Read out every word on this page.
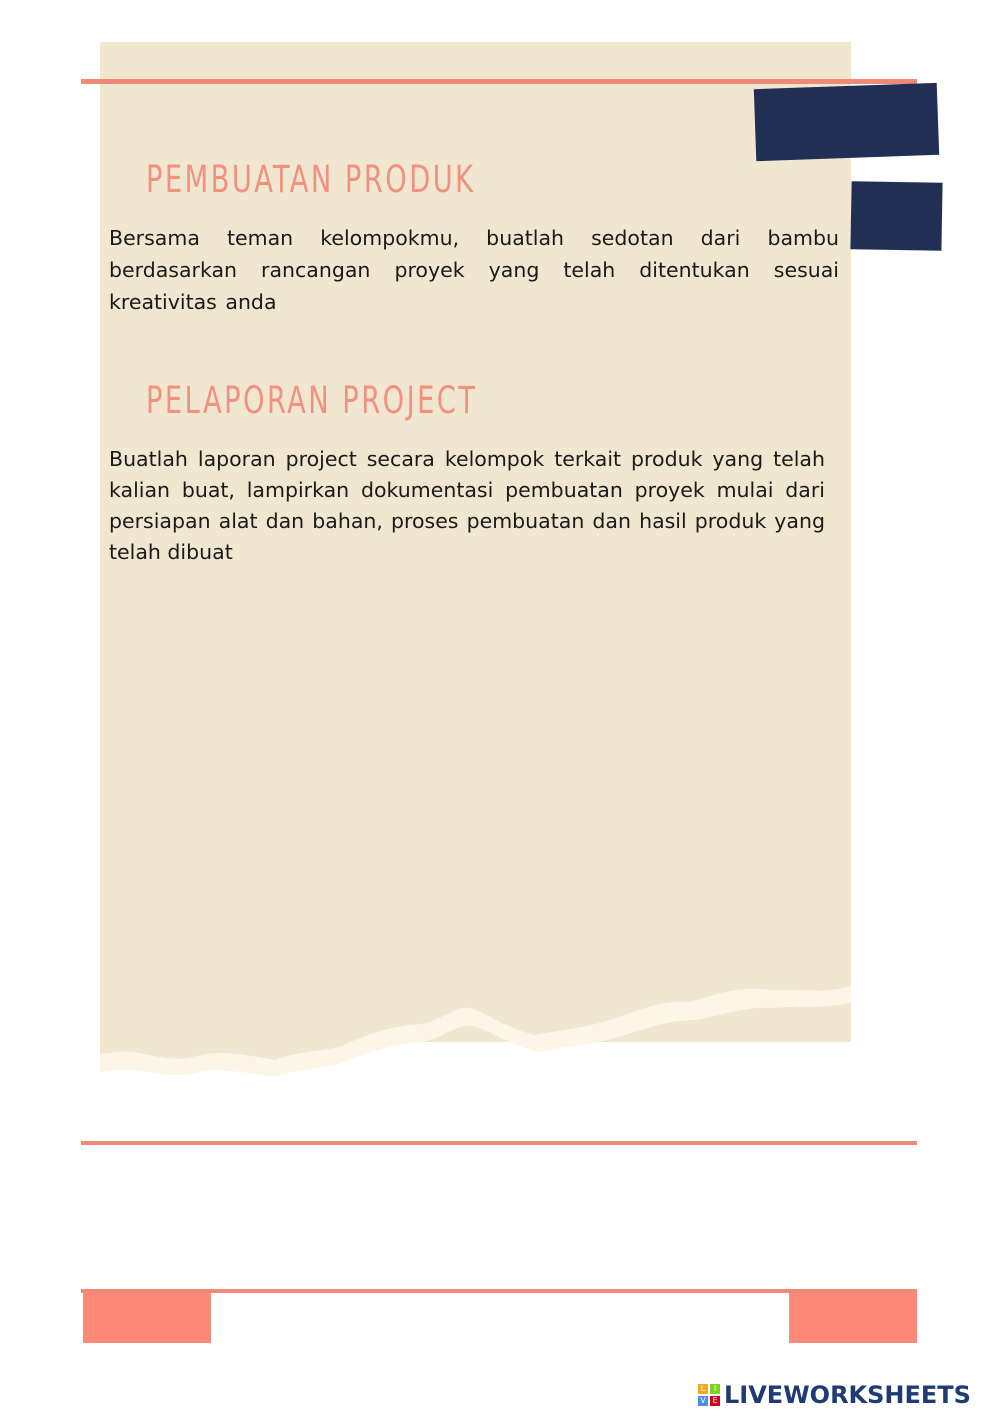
PEMBUATAN PRODUK

Bersama teman kelompokmu, buatlah sedotan dari bambu berdasarkan rancangan proyek yang telah ditentukan sesuai kreativitas anda

PELAPORAN PROJECT

Buatlah laporan project secara kelompok terkait produk yang telah kalian buat, lampirkan dokumentasi pembuatan proyek mulai dari persiapan alat dan bahan, proses pembuatan dan hasil produk yang telah dibuat

L	I
V E LIVEWORKSHEETS
